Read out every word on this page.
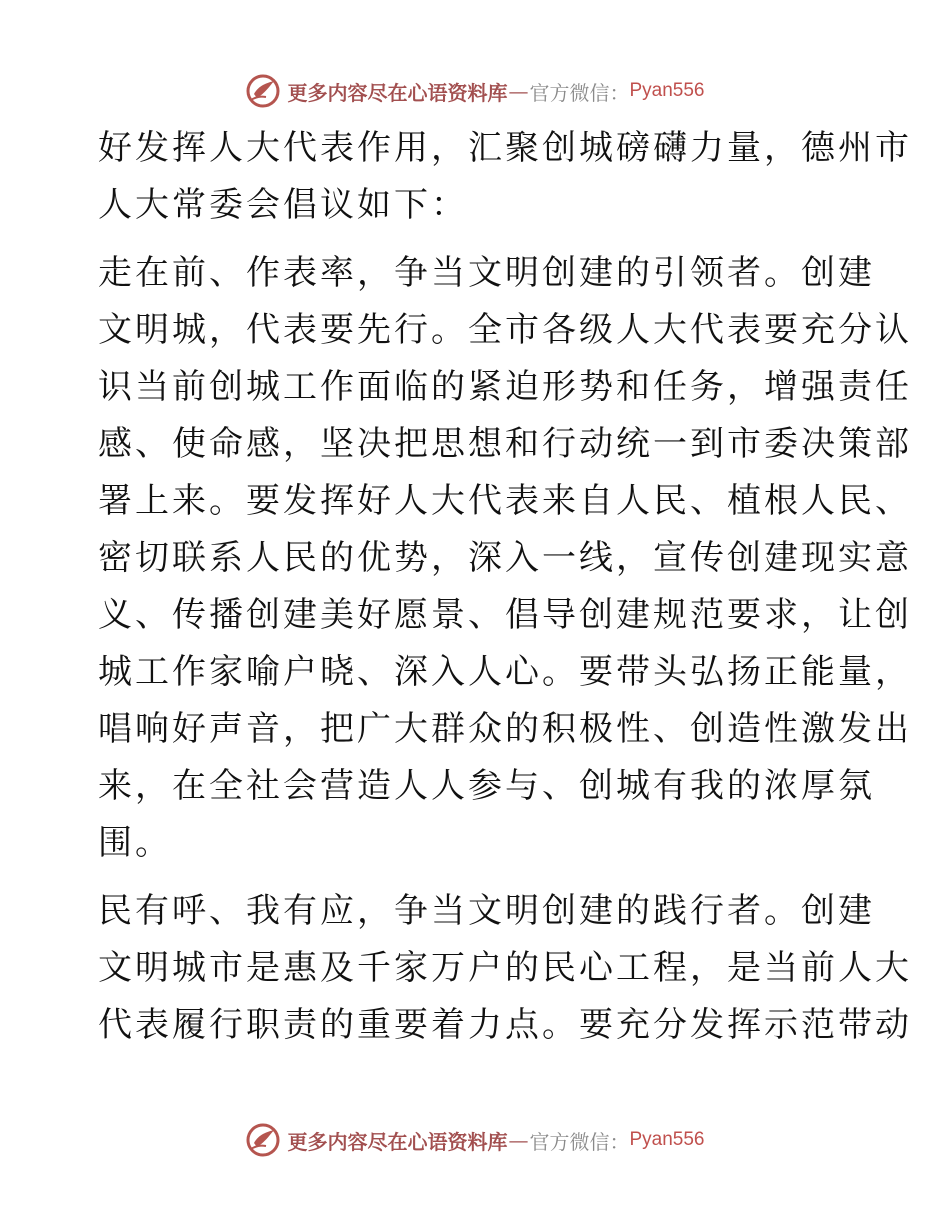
更多内容尽在心语资料库 — 官方微信： Pyan556
好发挥人大代表作用，汇聚创城磅礴力量，德州市
人大常委会倡议如下：
走在前、作表率，争当文明创建的引领者。创建
文明城，代表要先行。全市各级人大代表要充分认
识当前创城工作面临的紧迫形势和任务，增强责任
感、使命感，坚决把思想和行动统一到市委决策部
署上来。要发挥好人大代表来自人民、植根人民、
密切联系人民的优势，深入一线，宣传创建现实意
义、传播创建美好愿景、倡导创建规范要求，让创
城工作家喻户晓、深入人心。要带头弘扬正能量，
唱响好声音，把广大群众的积极性、创造性激发出
来，在全社会营造人人参与、创城有我的浓厚氛
围。
民有呼、我有应，争当文明创建的践行者。创建
文明城市是惠及千家万户的民心工程，是当前人大
代表履行职责的重要着力点。要充分发挥示范带动
更多内容尽在心语资料库 — 官方微信： Pyan556
